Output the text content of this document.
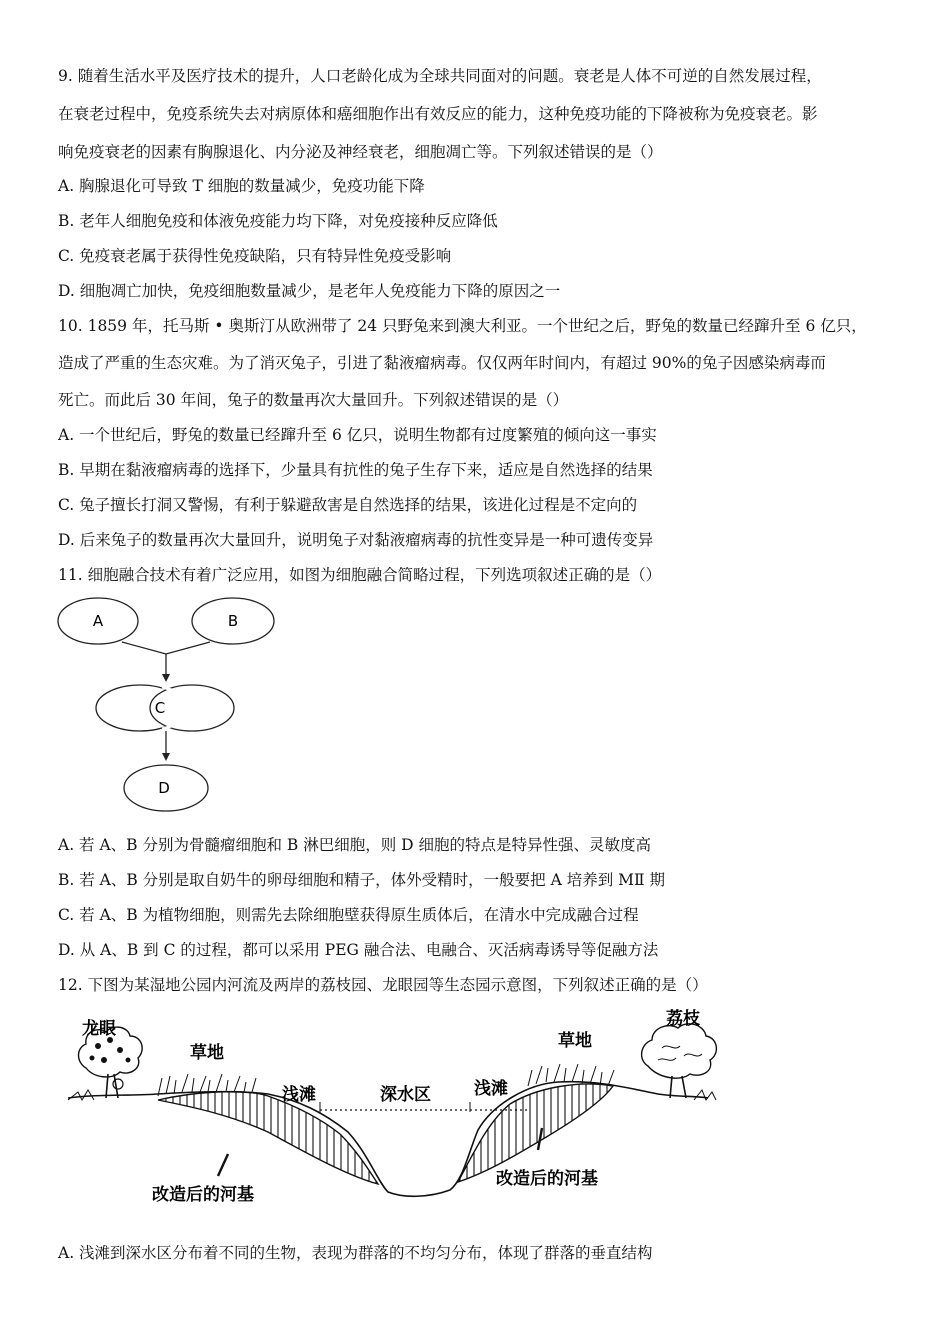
9. 随着生活水平及医疗技术的提升，人口老龄化成为全球共同面对的问题。衰老是人体不可逆的自然发展过程，
在衰老过程中，免疫系统失去对病原体和癌细胞作出有效反应的能力，这种免疫功能的下降被称为免疫衰老。影
响免疫衰老的因素有胸腺退化、内分泌及神经衰老，细胞凋亡等。下列叙述错误的是（）
A. 胸腺退化可导致 T 细胞的数量减少，免疫功能下降
B. 老年人细胞免疫和体液免疫能力均下降，对免疫接种反应降低
C. 免疫衰老属于获得性免疫缺陷，只有特异性免疫受影响
D. 细胞凋亡加快，免疫细胞数量减少，是老年人免疫能力下降的原因之一
10. 1859 年，托马斯 • 奥斯汀从欧洲带了 24 只野兔来到澳大利亚。一个世纪之后，野兔的数量已经蹿升至 6 亿只，
造成了严重的生态灾难。为了消灭兔子，引进了黏液瘤病毒。仅仅两年时间内，有超过 90%的兔子因感染病毒而
死亡。而此后 30 年间，兔子的数量再次大量回升。下列叙述错误的是（）
A. 一个世纪后，野兔的数量已经蹿升至 6 亿只，说明生物都有过度繁殖的倾向这一事实
B. 早期在黏液瘤病毒的选择下，少量具有抗性的兔子生存下来，适应是自然选择的结果
C. 兔子擅长打洞又警惕，有利于躲避敌害是自然选择的结果，该进化过程是不定向的
D. 后来兔子的数量再次大量回升，说明兔子对黏液瘤病毒的抗性变异是一种可遗传变异
11. 细胞融合技术有着广泛应用，如图为细胞融合简略过程，下列选项叙述正确的是（）
A	B
C
D
A. 若 A、B 分别为骨髓瘤细胞和 B 淋巴细胞，则 D 细胞的特点是特异性强、灵敏度高
B. 若 A、B 分别是取自奶牛的卵母细胞和精子，体外受精时，一般要把 A 培养到 MⅡ 期
C. 若 A、B 为植物细胞，则需先去除细胞壁获得原生质体后，在清水中完成融合过程
D. 从 A、B 到 C 的过程，都可以采用 PEG 融合法、电融合、灭活病毒诱导等促融方法
12. 下图为某湿地公园内河流及两岸的荔枝园、龙眼园等生态园示意图，下列叙述正确的是（）
龙眼	荔枝
草地
草地
浅滩	浅滩
深水区
改造后的河基
改造后的河基
A. 浅滩到深水区分布着不同的生物，表现为群落的不均匀分布，体现了群落的垂直结构
